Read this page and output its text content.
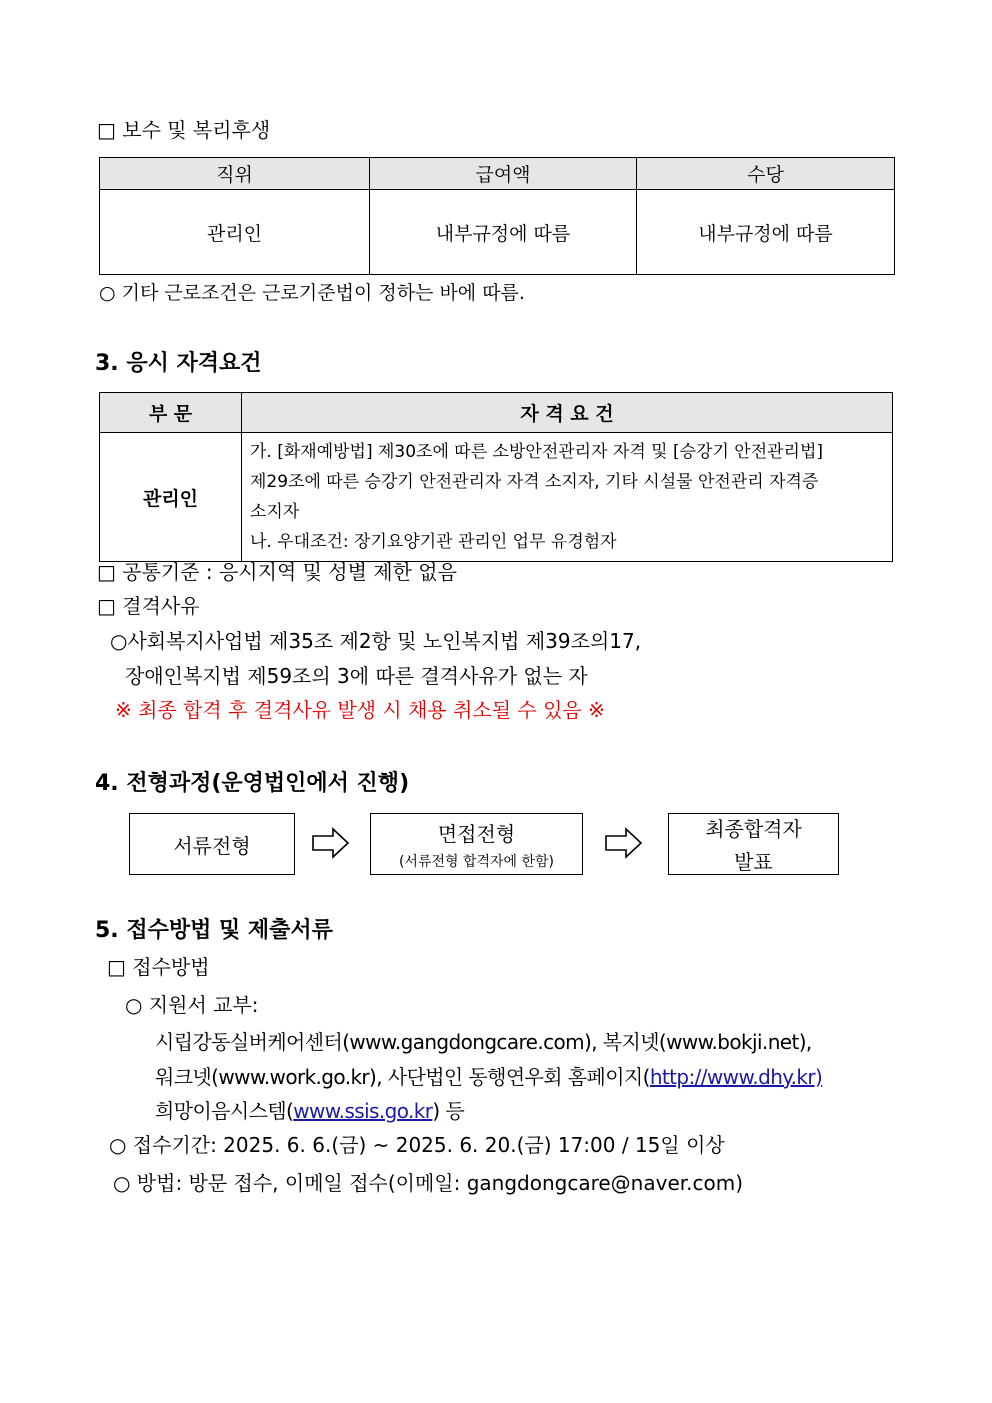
□ 보수 및 복리후생
직위	급여액	수당
관리인	내부규정에 따름	내부규정에 따름
○ 기타 근로조건은 근로기준법이 정하는 바에 따름.
3. 응시 자격요건
부 문	자 격 요 건
관리인	가. [화재예방법] 제30조에 따른 소방안전관리자 자격 및 [승강기 안전관리법]
제29조에 따른 승강기 안전관리자 자격 소지자, 기타 시설물 안전관리 자격증
소지자
나. 우대조건: 장기요양기관 관리인 업무 유경험자
□ 공통기준 : 응시지역 및 성별 제한 없음
□ 결격사유
○사회복지사업법 제35조 제2항 및 노인복지법 제39조의17,
장애인복지법 제59조의 3에 따른 결격사유가 없는 자
※ 최종 합격 후 결격사유 발생 시 채용 취소될 수 있음 ※
4. 전형과정(운영법인에서 진행)
서류전형	면접전형
(서류전형 합격자에 한함)
최종합격자
발표
5. 접수방법 및 제출서류
□ 접수방법
○ 지원서 교부:
시립강동실버케어센터(www.gangdongcare.com), 복지넷(www.bokji.net),
워크넷(www.work.go.kr), 사단법인 동행연우회 홈페이지(http://www.dhy.kr)
희망이음시스템(www.ssis.go.kr) 등
○ 접수기간: 2025. 6. 6.(금) ~ 2025. 6. 20.(금) 17:00 / 15일 이상
○ 방법: 방문 접수, 이메일 접수(이메일: gangdongcare@naver.com)
